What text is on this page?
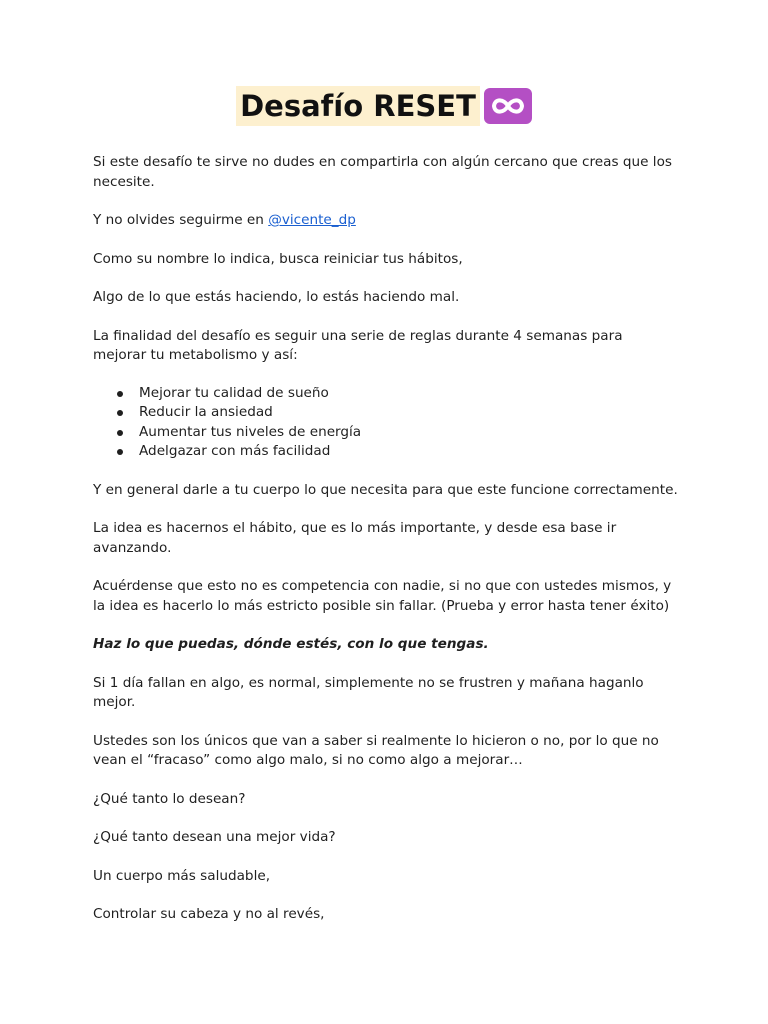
Desafío RESET

Si este desafío te sirve no dudes en compartirla con algún cercano que creas que los necesite.

Y no olvides seguirme en @vicente_dp

Como su nombre lo indica, busca reiniciar tus hábitos,

Algo de lo que estás haciendo, lo estás haciendo mal.

La finalidad del desafío es seguir una serie de reglas durante 4 semanas para mejorar tu metabolismo y así:

Mejorar tu calidad de sueño
Reducir la ansiedad
Aumentar tus niveles de energía
Adelgazar con más facilidad

Y en general darle a tu cuerpo lo que necesita para que este funcione correctamente.

La idea es hacernos el hábito, que es lo más importante, y desde esa base ir avanzando.

Acuérdense que esto no es competencia con nadie, si no que con ustedes mismos, y la idea es hacerlo lo más estricto posible sin fallar. (Prueba y error hasta tener éxito)

Haz lo que puedas, dónde estés, con lo que tengas.

Si 1 día fallan en algo, es normal, simplemente no se frustren y mañana haganlo mejor.

Ustedes son los únicos que van a saber si realmente lo hicieron o no, por lo que no vean el “fracaso” como algo malo, si no como algo a mejorar…

¿Qué tanto lo desean?

¿Qué tanto desean una mejor vida?

Un cuerpo más saludable,

Controlar su cabeza y no al revés,
